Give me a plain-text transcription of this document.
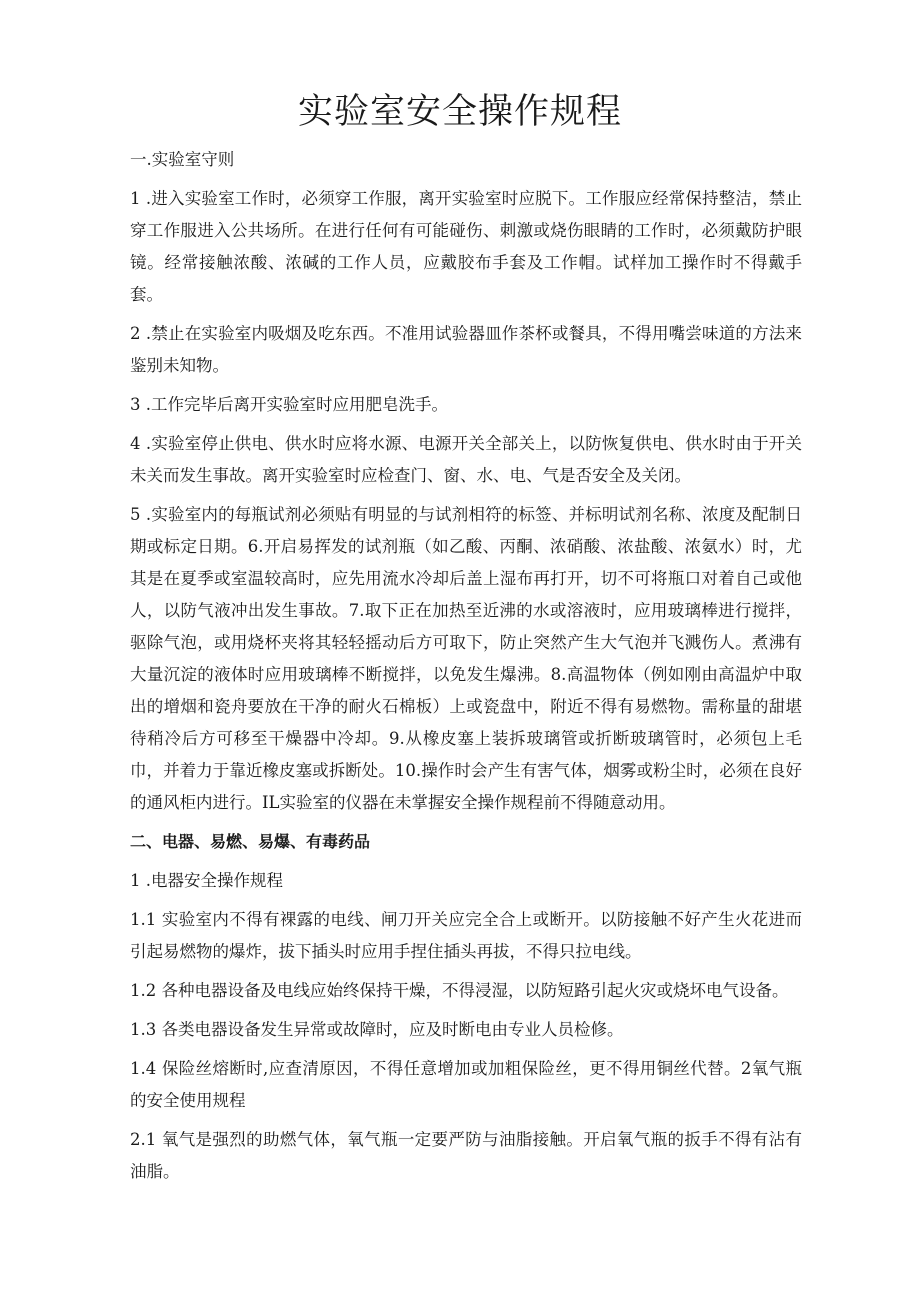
实验室安全操作规程

一.实验室守则

1 .进入实验室工作时，必须穿工作服，离开实验室时应脱下。工作服应经常保持整洁，禁止穿工作服进入公共场所。在进行任何有可能碰伤、刺激或烧伤眼睛的工作时，必须戴防护眼镜。经常接触浓酸、浓碱的工作人员，应戴胶布手套及工作帽。试样加工操作时不得戴手套。

2 .禁止在实验室内吸烟及吃东西。不准用试验器皿作茶杯或餐具，不得用嘴尝味道的方法来鉴别未知物。

3 .工作完毕后离开实验室时应用肥皂洗手。

4 .实验室停止供电、供水时应将水源、电源开关全部关上，以防恢复供电、供水时由于开关未关而发生事故。离开实验室时应检查门、窗、水、电、气是否安全及关闭。

5 .实验室内的每瓶试剂必须贴有明显的与试剂相符的标签、并标明试剂名称、浓度及配制日期或标定日期。6.开启易挥发的试剂瓶（如乙酸、丙酮、浓硝酸、浓盐酸、浓氨水）时，尤其是在夏季或室温较高时，应先用流水冷却后盖上湿布再打开，切不可将瓶口对着自己或他人，以防气液冲出发生事故。7.取下正在加热至近沸的水或溶液时，应用玻璃棒进行搅拌，驱除气泡，或用烧杯夹将其轻轻摇动后方可取下，防止突然产生大气泡并飞溅伤人。煮沸有大量沉淀的液体时应用玻璃棒不断搅拌，以免发生爆沸。8.高温物体（例如刚由高温炉中取出的增烟和瓷舟要放在干净的耐火石棉板）上或瓷盘中，附近不得有易燃物。需称量的甜堪待稍冷后方可移至干燥器中冷却。9.从橡皮塞上装拆玻璃管或折断玻璃管时，必须包上毛巾，并着力于靠近橡皮塞或拆断处。10.操作时会产生有害气体，烟雾或粉尘时，必须在良好的通风柜内进行。IL实验室的仪器在未掌握安全操作规程前不得随意动用。

二、电器、易燃、易爆、有毒药品

1 .电器安全操作规程

1.1 实验室内不得有裸露的电线、闸刀开关应完全合上或断开。以防接触不好产生火花进而引起易燃物的爆炸，拔下插头时应用手捏住插头再拔，不得只拉电线。

1.2 各种电器设备及电线应始终保持干燥，不得浸湿，以防短路引起火灾或烧坏电气设备。

1.3 各类电器设备发生异常或故障时，应及时断电由专业人员检修。

1.4 保险丝熔断时,应查清原因，不得任意增加或加粗保险丝，更不得用铜丝代替。2氧气瓶的安全使用规程

2.1 氧气是强烈的助燃气体，氧气瓶一定要严防与油脂接触。开启氧气瓶的扳手不得有沾有油脂。
